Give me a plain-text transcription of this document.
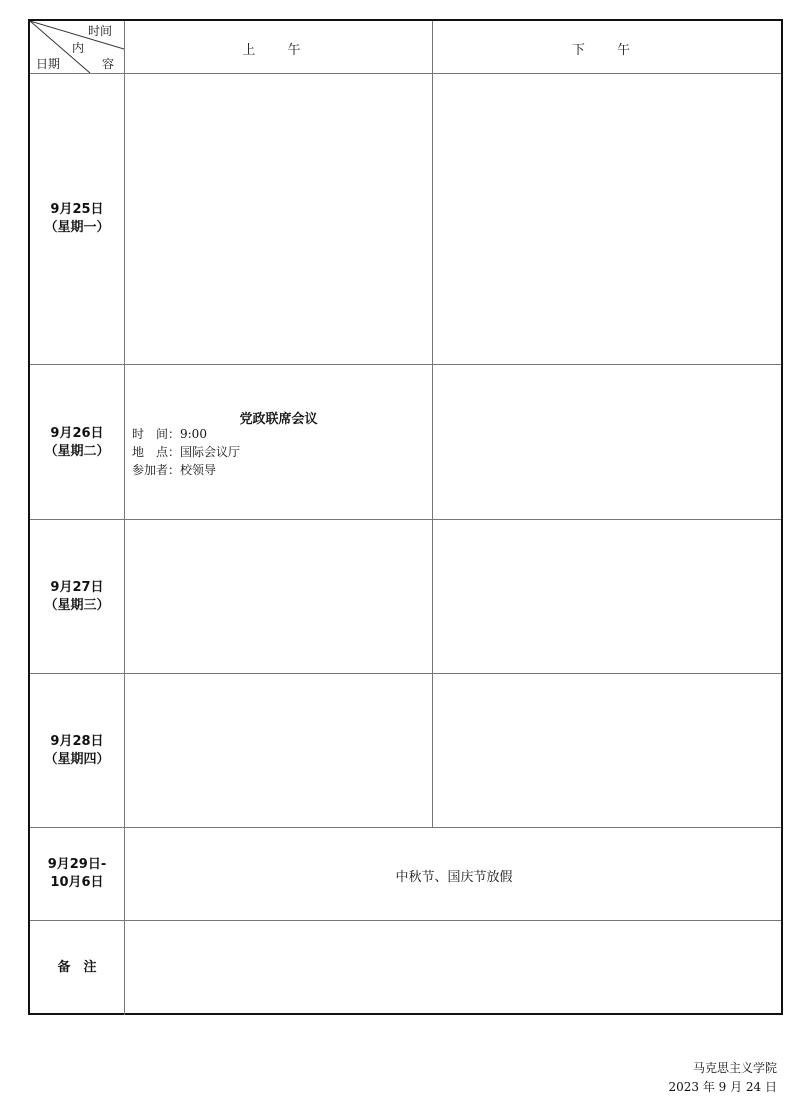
时间
内
容
日期
上 午	下 午
9月25日
（星期一）
9月26日
（星期二）
党政联席会议
时　间：9:00
地　点：国际会议厅
参加者：校领导
9月27日
（星期三）
9月28日
（星期四）
9月29日-
10月6日	中秋节、国庆节放假
备　注
马克思主义学院
2023 年 9 月 24 日
